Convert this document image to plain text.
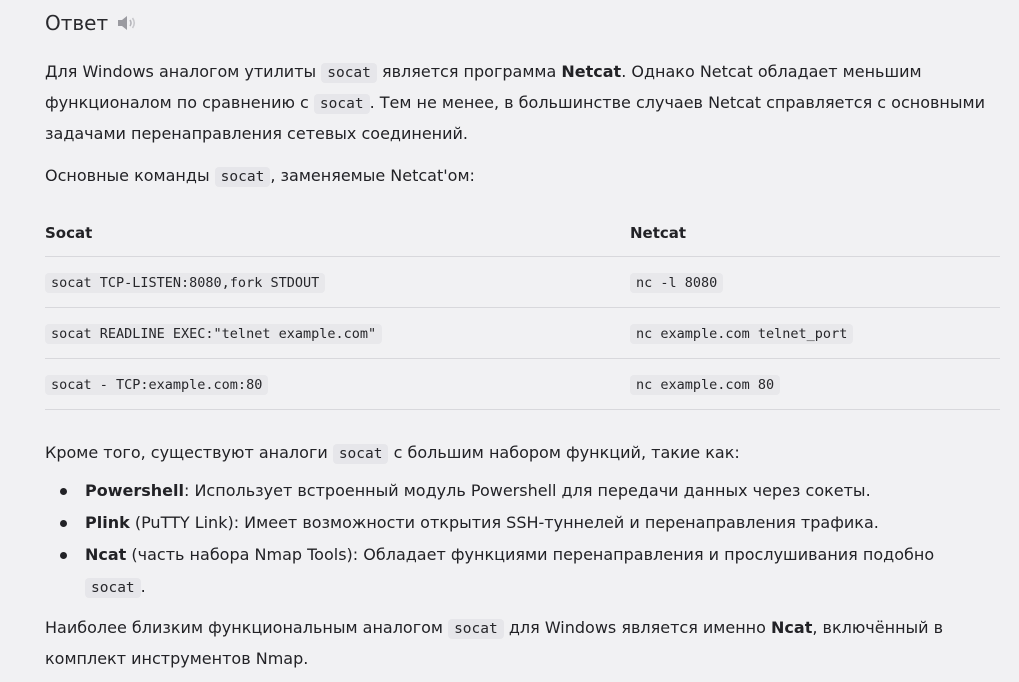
Ответ

Для Windows аналогом утилиты socat является программа Netcat. Однако Netcat обладает меньшим функционалом по сравнению с socat . Тем не менее, в большинстве случаев Netcat справляется с основными задачами перенаправления сетевых соединений.

Основные команды socat , заменяемые Netcat'ом:

Socat	Netcat
socat TCP-LISTEN:8080,fork STDOUT	nc -l 8080
socat READLINE EXEC:"telnet example.com"	nc example.com telnet_port
socat - TCP:example.com:80	nc example.com 80

Кроме того, существуют аналоги socat с большим набором функций, такие как:

Powershell: Использует встроенный модуль Powershell для передачи данных через сокеты.
Plink (PuTTY Link): Имеет возможности открытия SSH-туннелей и перенаправления трафика.
Ncat (часть набора Nmap Tools): Обладает функциями перенаправления и прослушивания подобно socat .

Наиболее близким функциональным аналогом socat для Windows является именно Ncat, включённый в комплект инструментов Nmap.
